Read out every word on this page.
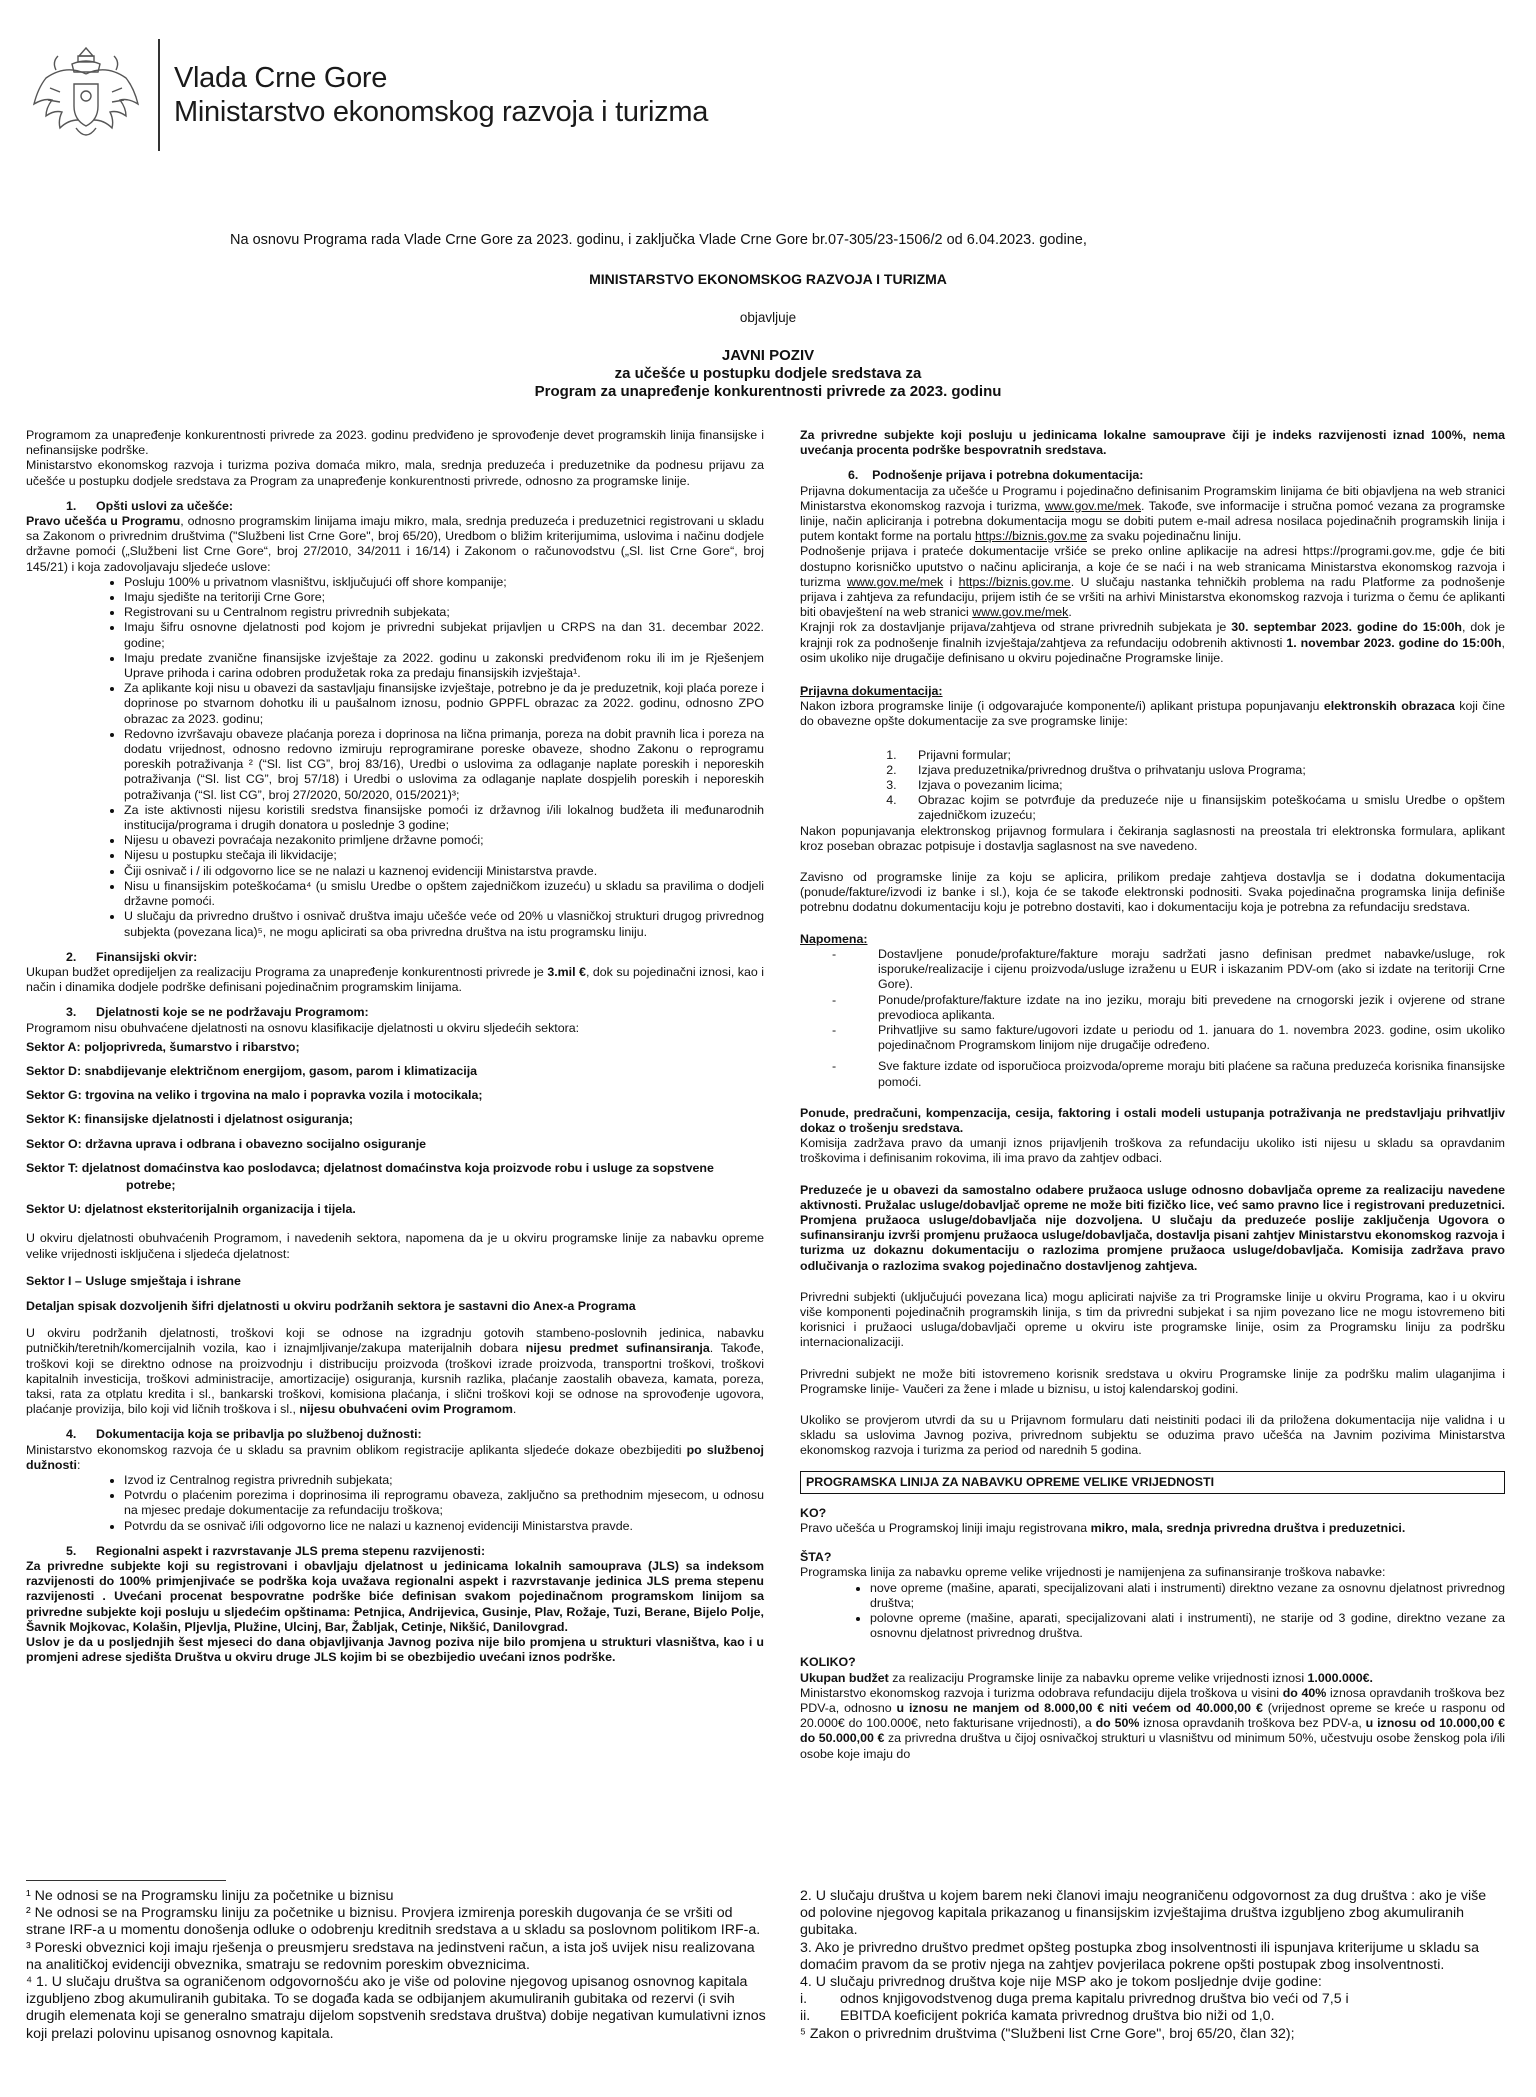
Vlada Crne Gore
Ministarstvo ekonomskog razvoja i turizma
Na osnovu Programa rada Vlade Crne Gore za 2023. godinu, i zaključka Vlade Crne Gore br.07-305/23-1506/2 od 6.04.2023. godine,
MINISTARSTVO EKONOMSKOG RAZVOJA I TURIZMA
objavljuje
JAVNI POZIV
za učešće u postupku dodjele sredstava za
Program za unapređenje konkurentnosti privrede za 2023. godinu

Programom za unapređenje konkurentnosti privrede za 2023. godinu predviđeno je sprovođenje devet programskih linija finansijske i nefinansijske podrške.

Ministarstvo ekonomskog razvoja i turizma poziva domaća mikro, mala, srednja preduzeća i preduzetnike da podnesu prijavu za učešće u postupku dodjele sredstava za Program za unapređenje konkurentnosti privrede, odnosno za programske linije.

1. Opšti uslovi za učešće:

Pravo učešća u Programu, odnosno programskim linijama imaju mikro, mala, srednja preduzeća i preduzetnici registrovani u skladu sa Zakonom o privrednim društvima ("Službeni list Crne Gore", broj 65/20), Uredbom o bližim kriterijumima, uslovima i načinu dodjele državne pomoći („Službeni list Crne Gore“, broj 27/2010, 34/2011 i 16/14) i Zakonom o računovodstvu („Sl. list Crne Gore“, broj 145/21) i koja zadovoljavaju sljedeće uslove:

• Posluju 100% u privatnom vlasništvu, isključujući off shore kompanije;
• Imaju sjedište na teritoriji Crne Gore;
• Registrovani su u Centralnom registru privrednih subjekata;
• Imaju šifru osnovne djelatnosti pod kojom je privredni subjekat prijavljen u CRPS na dan 31. decembar 2022. godine;
• Imaju predate zvanične finansijske izvještaje za 2022. godinu u zakonski predviđenom roku ili im je Rješenjem Uprave prihoda i carina odobren produžetak roka za predaju finansijskih izvještaja¹.
• Za aplikante koji nisu u obavezi da sastavljaju finansijske izvještaje, potrebno je da je preduzetnik, koji plaća poreze i doprinose po stvarnom dohotku ili u paušalnom iznosu, podnio GPPFL obrazac za 2022. godinu, odnosno ZPO obrazac za 2023. godinu;
• Redovno izvršavaju obaveze plaćanja poreza i doprinosa na lična primanja, poreza na dobit pravnih lica i poreza na dodatu vrijednost, odnosno redovno izmiruju reprogramirane poreske obaveze, shodno Zakonu o reprogramu poreskih potraživanja ² (“Sl. list CG”, broj 83/16), Uredbi o uslovima za odlaganje naplate poreskih i neporeskih potraživanja (“Sl. list CG”, broj 57/18) i Uredbi o uslovima za odlaganje naplate dospjelih poreskih i neporeskih potraživanja (“Sl. list CG”, broj 27/2020, 50/2020, 015/2021)³;
• Za iste aktivnosti nijesu koristili sredstva finansijske pomoći iz državnog i/ili lokalnog budžeta ili međunarodnih institucija/programa i drugih donatora u poslednje 3 godine;
• Nijesu u obavezi povraćaja nezakonito primljene državne pomoći;
• Nijesu u postupku stečaja ili likvidacije;
• Čiji osnivač i / ili odgovorno lice se ne nalazi u kaznenoj evidenciji Ministarstva pravde.
• Nisu u finansijskim poteškoćama⁴ (u smislu Uredbe o opštem zajedničkom izuzeću) u skladu sa pravilima o dodjeli državne pomoći.
• U slučaju da privredno društvo i osnivač društva imaju učešće veće od 20% u vlasničkoj strukturi drugog privrednog subjekta (povezana lica)⁵, ne mogu aplicirati sa oba privredna društva na istu programsku liniju.
2. Finansijski okvir:

Ukupan budžet opredijeljen za realizaciju Programa za unapređenje konkurentnosti privrede je 3.mil €, dok su pojedinačni iznosi, kao i način i dinamika dodjele podrške definisani pojedinačnim programskim linijama.

3. Djelatnosti koje se ne podržavaju Programom:

Programom nisu obuhvaćene djelatnosti na osnovu klasifikacije djelatnosti u okviru sljedećih sektora:

Sektor A: poljoprivreda, šumarstvo i ribarstvo;
Sektor D: snabdijevanje električnom energijom, gasom, parom i klimatizacija
Sektor G: trgovina na veliko i trgovina na malo i popravka vozila i motocikala;
Sektor K: finansijske djelatnosti i djelatnost osiguranja;
Sektor O: državna uprava i odbrana i obavezno socijalno osiguranje
Sektor T: djelatnost domaćinstva kao poslodavca; djelatnost domaćinstva koja proizvode robu i usluge za sopstvene
potrebe;
Sektor U: djelatnost eksteritorijalnih organizacija i tijela.

U okviru djelatnosti obuhvaćenih Programom, i navedenih sektora, napomena da je u okviru programske linije za nabavku opreme velike vrijednosti isključena i sljedeća djelatnost:

Sektor I – Usluge smještaja i ishrane

Detaljan spisak dozvoljenih šifri djelatnosti u okviru podržanih sektora je sastavni dio Anex-a Programa

U okviru podržanih djelatnosti, troškovi koji se odnose na izgradnju gotovih stambeno-poslovnih jedinica, nabavku putničkih/teretnih/komercijalnih vozila, kao i iznajmljivanje/zakupa materijalnih dobara nijesu predmet sufinansiranja. Takođe, troškovi koji se direktno odnose na proizvodnju i distribuciju proizvoda (troškovi izrade proizvoda, transportni troškovi, troškovi kapitalnih investicija, troškovi administracije, amortizacije) osiguranja, kursnih razlika, plaćanje zaostalih obaveza, kamata, poreza, taksi, rata za otplatu kredita i sl., bankarski troškovi, komisiona plaćanja, i slični troškovi koji se odnose na sprovođenje ugovora, plaćanje provizija, bilo koji vid ličnih troškova i sl., nijesu obuhvaćeni ovim Programom.

4. Dokumentacija koja se pribavlja po službenoj dužnosti:

Ministarstvo ekonomskog razvoja će u skladu sa pravnim oblikom registracije aplikanta sljedeće dokaze obezbijediti po službenoj dužnosti:

• Izvod iz Centralnog registra privrednih subjekata;
• Potvrdu o plaćenim porezima i doprinosima ili reprogramu obaveza, zaključno sa prethodnim mjesecom, u odnosu na mjesec predaje dokumentacije za refundaciju troškova;
• Potvrdu da se osnivač i/ili odgovorno lice ne nalazi u kaznenoj evidenciji Ministarstva pravde.
5. Regionalni aspekt i razvrstavanje JLS prema stepenu razvijenosti:

Za privredne subjekte koji su registrovani i obavljaju djelatnost u jedinicama lokalnih samouprava (JLS) sa indeksom razvijenosti do 100% primjenjivaće se podrška koja uvažava regionalni aspekt i razvrstavanje jedinica JLS prema stepenu razvijenosti . Uvećani procenat bespovratne podrške biće definisan svakom pojedinačnom programskom linijom sa privredne subjekte koji posluju u sljedećim opštinama: Petnjica, Andrijevica, Gusinje, Plav, Rožaje, Tuzi, Berane, Bijelo Polje, Šavnik Mojkovac, Kolašin, Pljevlja, Plužine, Ulcinj, Bar, Žabljak, Cetinje, Nikšić, Danilovgrad.

Uslov je da u posljednjih šest mjeseci do dana objavljivanja Javnog poziva nije bilo promjena u strukturi vlasništva, kao i u promjeni adrese sjedišta Društva u okviru druge JLS kojim bi se obezbijedio uvećani iznos podrške.

Za privredne subjekte koji posluju u jedinicama lokalne samouprave čiji je indeks razvijenosti iznad 100%, nema uvećanja procenta podrške bespovratnih sredstava.

6. Podnošenje prijava i potrebna dokumentacija:

Prijavna dokumentacija za učešće u Programu i pojedinačno definisanim Programskim linijama će biti objavljena na web stranici Ministarstva ekonomskog razvoja i turizma, www.gov.me/mek. Takođe, sve informacije i stručna pomoć vezana za programske linije, način apliciranja i potrebna dokumentacija mogu se dobiti putem e-mail adresa nosilaca pojedinačnih programskih linija i putem kontakt forme na portalu https://biznis.gov.me za svaku pojedinačnu liniju.

Podnošenje prijava i prateće dokumentacije vršiće se preko online aplikacije na adresi https://programi.gov.me, gdje će biti dostupno korisničko uputstvo o načinu apliciranja, a koje će se naći i na web stranicama Ministarstva ekonomskog razvoja i turizma www.gov.me/mek i https://biznis.gov.me. U slučaju nastanka tehničkih problema na radu Platforme za podnošenje prijava i zahtjeva za refundaciju, prijem istih će se vršiti na arhivi Ministarstva ekonomskog razvoja i turizma o čemu će aplikanti biti obavještení na web stranici www.gov.me/mek.

Krajnji rok za dostavljanje prijava/zahtjeva od strane privrednih subjekata je 30. septembar 2023. godine do 15:00h, dok je krajnji rok za podnošenje finalnih izvještaja/zahtjeva za refundaciju odobrenih aktivnosti 1. novembar 2023. godine do 15:00h, osim ukoliko nije drugačije definisano u okviru pojedinačne Programske linije.

Prijavna dokumentacija:

Nakon izbora programske linije (i odgovarajuće komponente/i) aplikant pristupa popunjavanju elektronskih obrazaca koji čine do obavezne opšte dokumentacije za sve programske linije:

1. Prijavni formular;
2. Izjava preduzetnika/privrednog društva o prihvatanju uslova Programa;
3. Izjava o povezanim licima;
4. Obrazac kojim se potvrđuje da preduzeće nije u finansijskim poteškoćama u smislu Uredbe o opštem zajedničkom izuzeću;

Nakon popunjavanja elektronskog prijavnog formulara i čekiranja saglasnosti na preostala tri elektronska formulara, aplikant kroz poseban obrazac potpisuje i dostavlja saglasnost na sve navedeno.

Zavisno od programske linije za koju se aplicira, prilikom predaje zahtjeva dostavlja se i dodatna dokumentacija (ponude/fakture/izvodi iz banke i sl.), koja će se takođe elektronski podnositi. Svaka pojedinačna programska linija definiše potrebnu dodatnu dokumentaciju koju je potrebno dostaviti, kao i dokumentaciju koja je potrebna za refundaciju sredstava.

Napomena:
-	Dostavljene ponude/profakture/fakture moraju sadržati jasno definisan predmet nabavke/usluge, rok isporuke/realizacije i cijenu proizvoda/usluge izraženu u EUR i iskazanim PDV-om (ako si izdate na teritoriji Crne Gore).
-	Ponude/profakture/fakture izdate na ino jeziku, moraju biti prevedene na crnogorski jezik i ovjerene od strane prevodioca aplikanta.
-	Prihvatljive su samo fakture/ugovori izdate u periodu od 1. januara do 1. novembra 2023. godine, osim ukoliko pojedinačnom Programskom linijom nije drugačije određeno.
-	Sve fakture izdate od isporučioca proizvoda/opreme moraju biti plaćene sa računa preduzeća korisnika finansijske pomoći.

Ponude, predračuni, kompenzacija, cesija, faktoring i ostali modeli ustupanja potraživanja ne predstavljaju prihvatljiv dokaz o trošenju sredstava.

Komisija zadržava pravo da umanji iznos prijavljenih troškova za refundaciju ukoliko isti nijesu u skladu sa opravdanim troškovima i definisanim rokovima, ili ima pravo da zahtjev odbaci.

Preduzeće je u obavezi da samostalno odabere pružaoca usluge odnosno dobavljača opreme za realizaciju navedene aktivnosti. Pružalac usluge/dobavljač opreme ne može biti fizičko lice, već samo pravno lice i registrovani preduzetnici. Promjena pružaoca usluge/dobavljača nije dozvoljena. U slučaju da preduzeće poslije zaključenja Ugovora o sufinansiranju izvrši promjenu pružaoca usluge/dobavljača, dostavlja pisani zahtjev Ministarstvu ekonomskog razvoja i turizma uz dokaznu dokumentaciju o razlozima promjene pružaoca usluge/dobavljača. Komisija zadržava pravo odlučivanja o razlozima svakog pojedinačno dostavljenog zahtjeva.

Privredni subjekti (uključujući povezana lica) mogu aplicirati najviše za tri Programske linije u okviru Programa, kao i u okviru više komponenti pojedinačnih programskih linija, s tim da privredni subjekat i sa njim povezano lice ne mogu istovremeno biti korisnici i pružaoci usluga/dobavljači opreme u okviru iste programske linije, osim za Programsku liniju za podršku internacionalizaciji.

Privredni subjekt ne može biti istovremeno korisnik sredstava u okviru Programske linije za podršku malim ulaganjima i Programske linije- Vaučeri za žene i mlade u biznisu, u istoj kalendarskoj godini.

Ukoliko se provjerom utvrdi da su u Prijavnom formularu dati neistiniti podaci ili da priložena dokumentacija nije validna i u skladu sa uslovima Javnog poziva, privrednom subjektu se oduzima pravo učešća na Javnim pozivima Ministarstva ekonomskog razvoja i turizma za period od narednih 5 godina.

PROGRAMSKA LINIJA ZA NABAVKU OPREME VELIKE VRIJEDNOSTI
KO?

Pravo učešća u Programskoj liniji imaju registrovana mikro, mala, srednja privredna društva i preduzetnici.

ŠTA?

Programska linija za nabavku opreme velike vrijednosti je namijenjena za sufinansiranje troškova nabavke:

• nove opreme (mašine, aparati, specijalizovani alati i instrumenti) direktno vezane za osnovnu djelatnost privrednog društva;
• polovne opreme (mašine, aparati, specijalizovani alati i instrumenti), ne starije od 3 godine, direktno vezane za osnovnu djelatnost privrednog društva.
KOLIKO?

Ukupan budžet za realizaciju Programske linije za nabavku opreme velike vrijednosti iznosi 1.000.000€.

Ministarstvo ekonomskog razvoja i turizma odobrava refundaciju dijela troškova u visini do 40% iznosa opravdanih troškova bez PDV-a, odnosno u iznosu ne manjem od 8.000,00 € niti većem od 40.000,00 € (vrijednost opreme se kreće u rasponu od 20.000€ do 100.000€, neto fakturisane vrijednosti), a do 50% iznosa opravdanih troškova bez PDV-a, u iznosu od 10.000,00 € do 50.000,00 € za privredna društva u čijoj osnivačkoj strukturi u vlasništvu od minimum 50%, učestvuju osobe ženskog pola i/ili osobe koje imaju do

¹ Ne odnosi se na Programsku liniju za početnike u biznisu

² Ne odnosi se na Programsku liniju za početnike u biznisu. Provjera izmirenja poreskih dugovanja će se vršiti od strane IRF-a u momentu donošenja odluke o odobrenju kreditnih sredstava a u skladu sa poslovnom politikom IRF-a.

³ Poreski obveznici koji imaju rješenja o preusmjeru sredstava na jedinstveni račun, a ista još uvijek nisu realizovana na analitičkoj evidenciji obveznika, smatraju se redovnim poreskim obveznicima.

⁴ 1. U slučaju društva sa ograničenom odgovornošću ako je više od polovine njegovog upisanog osnovnog kapitala izgubljeno zbog akumuliranih gubitaka. To se događa kada se odbijanjem akumuliranih gubitaka od rezervi (i svih drugih elemenata koji se generalno smatraju dijelom sopstvenih sredstava društva) dobije negativan kumulativni iznos koji prelazi polovinu upisanog osnovnog kapitala.

2. U slučaju društva u kojem barem neki članovi imaju neograničenu odgovornost za dug društva : ako je više od polovine njegovog kapitala prikazanog u finansijskim izvještajima društva izgubljeno zbog akumuliranih gubitaka.

3. Ako je privredno društvo predmet opšteg postupka zbog insolventnosti ili ispunjava kriterijume u skladu sa domaćim pravom da se protiv njega na zahtjev povjerilaca pokrene opšti postupak zbog insolventnosti.

4. U slučaju privrednog društva koje nije MSP ako je tokom posljednje dvije godine:

i.	odnos knjigovodstvenog duga prema kapitalu privrednog društva bio veći od 7,5 i
ii.	EBITDA koeficijent pokrića kamata privrednog društva bio niži od 1,0.

⁵ Zakon o privrednim društvima ("Službeni list Crne Gore", broj 65/20, član 32);
